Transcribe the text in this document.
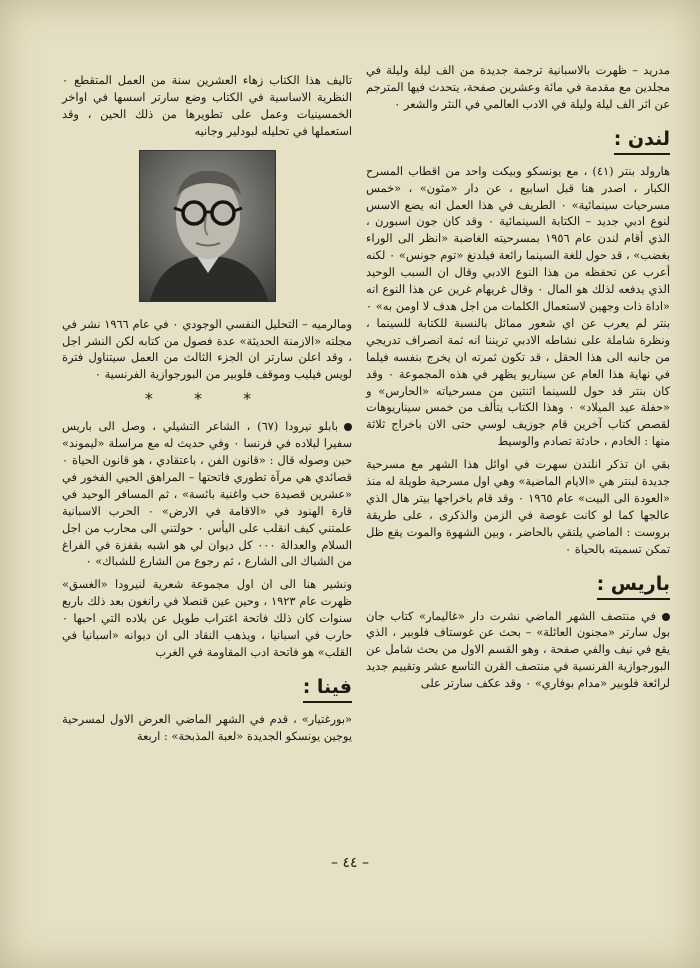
مدريد – ظهرت بالاسبانية ترجمة جديدة من الف ليلة وليلة في مجلدين مع مقدمة في مائة وعشرين صفحة، يتحدث فيها المترجم عن اثر الف ليلة وليلة في الادب العالمي في النثر والشعر ٠

لندن :

هارولد بنتر (٤١) ، مع يونسكو وبيكت واحد من اقطاب المسرح الكبار ، اصدر هنا قبل اسابيع ، عن دار «مثون» ، «خمس مسرحيات سينمائية» ٠ الطريف في هذا العمل انه يضع الاسس لنوع ادبي جديد – الكتابة السينمائية ٠ وقد كان جون اسبورن ، الذي أقام لندن عام ١٩٥٦ بمسرحيته الغاضبة «انظر الى الوراء بغضب» ، قد حول للغة السينما رائعة فيلدنغ «توم جونس» ٠ لكنه أعرب عن تحفظه من هذا النوع الادبي وقال ان السبب الوحيد الذي يدفعه لذلك هو المال ٠ وقال غريهام غرين عن هذا النوع انه «اداة ذات وجهين لاستعمال الكلمات من اجل هدف لا اومن به» ٠ بنتر لم يعرب عن اي شعور مماثل بالنسبة للكتابة للسينما ، ونظرة شاملة على نشاطه الادبي تريننا انه ثمة انصراف تدريجي من جانبه الى هذا الحقل ، قد تكون ثمرته ان يخرج بنفسه فيلما في نهاية هذا العام عن سيناريو يظهر في هذه المجموعة ٠ وقد كان بنتر قد حول للسينما اثنتين من مسرحياته «الحارس» و «حفلة عيد الميلاد» ٠ وهذا الكتاب يتألف من خمس سيناريوهات لقصص كتاب آخرين قام جوزيف لوسي حتى الان باخراج ثلاثة منها : الخادم ، حادثة تصادم والوسيط

بقي ان تذكر انلندن سهرت في اوائل هذا الشهر مع مسرحية جديدة لبنتر هي «الايام الماضية» وهي اول مسرحية طويلة له منذ «العودة الى البيت» عام ١٩٦٥ ٠ وقد قام باخراجها بيتر هال الذي عالجها كما لو كانت غوصة في الزمن والذكرى ، على طريقة بروست : الماضي يلتقي بالحاضر ، وبين الشهوة والموت يقع ظل تمكن تسميته بالحياة ٠

باريس :

في منتصف الشهر الماضي نشرت دار «غاليمار» كتاب جان بول سارتر «مجنون العائلة» – بحث عن غوستاف فلوبير ، الذي يقع في نيف والفي صفحة ، وهو القسم الاول من بحث شامل عن البورجوازية الفرنسية في منتصف القرن التاسع عشر وتقييم جديد لرائعة فلوبير «مدام بوفاري» ٠ وقد عكف سارتر على

تاليف هذا الكتاب زهاء العشرين سنة من العمل المتقطع ٠ النظرية الاساسية في الكتاب وضع سارتر اسسها في اواخر الخمسينيات وعمل على تطويرها من ذلك الحين ، وقد استعملها في تحليله لبودلير وجانيه

ومالرميه – التحليل النفسي الوجودي ٠ في عام ١٩٦٦ نشر في مجلته «الازمنة الحديثة» عدة فصول من كتابه لكن النشر اجل ، وقد اعلن سارتر ان الجزء الثالث من العمل سيتناول فترة لويس فيليب وموقف فلوبير من البورجوازية الفرنسية ٠

* * *

بابلو نيرودا (٦٧) ، الشاعر التشيلي ، وصل الى باريس سفيرا لبلاده في فرنسا ٠ وفي حديث له مع مراسلة «ليموند» حين وصوله قال : «قانون الفن ، باعتقادي ، هو قانون الحياة ٠ قصائدي هي مرآة تطوري فاتحتها – المراهق الحيي الفخور في «عشرين قصيدة حب واغنية بائسة» ، ثم المسافر الوحيد في قارة الهنود في «الاقامة في الارض» ٠ الحرب الاسبانية علمتني كيف انقلب على اليأس ٠ حولتني الى محارب من اجل السلام والعدالة ٠٠٠ كل ديوان لي هو اشبه بقفزة في الفراغ من الشباك الى الشارع ، ثم رجوع من الشارع للشباك» ٠

ونشير هنا الى ان اول مجموعة شعرية لنيرودا «الغسق» ظهرت عام ١٩٢٣ ، وحين عين قنصلا في رانغون بعد ذلك باربع سنوات كان ذلك فاتحة اغتراب طويل عن بلاده التي احبها ٠ حارب في اسبانيا ، ويذهب النقاد الى ان ديوانه «اسبانيا في القلب» هو فاتحة ادب المقاومة في الغرب

فينا :

«بورغتيار» ، قدم في الشهر الماضي العرض الاول لمسرحية يوجين يونسكو الجديدة «لعبة المذبحة» : اربعة

– ٤٤ –
